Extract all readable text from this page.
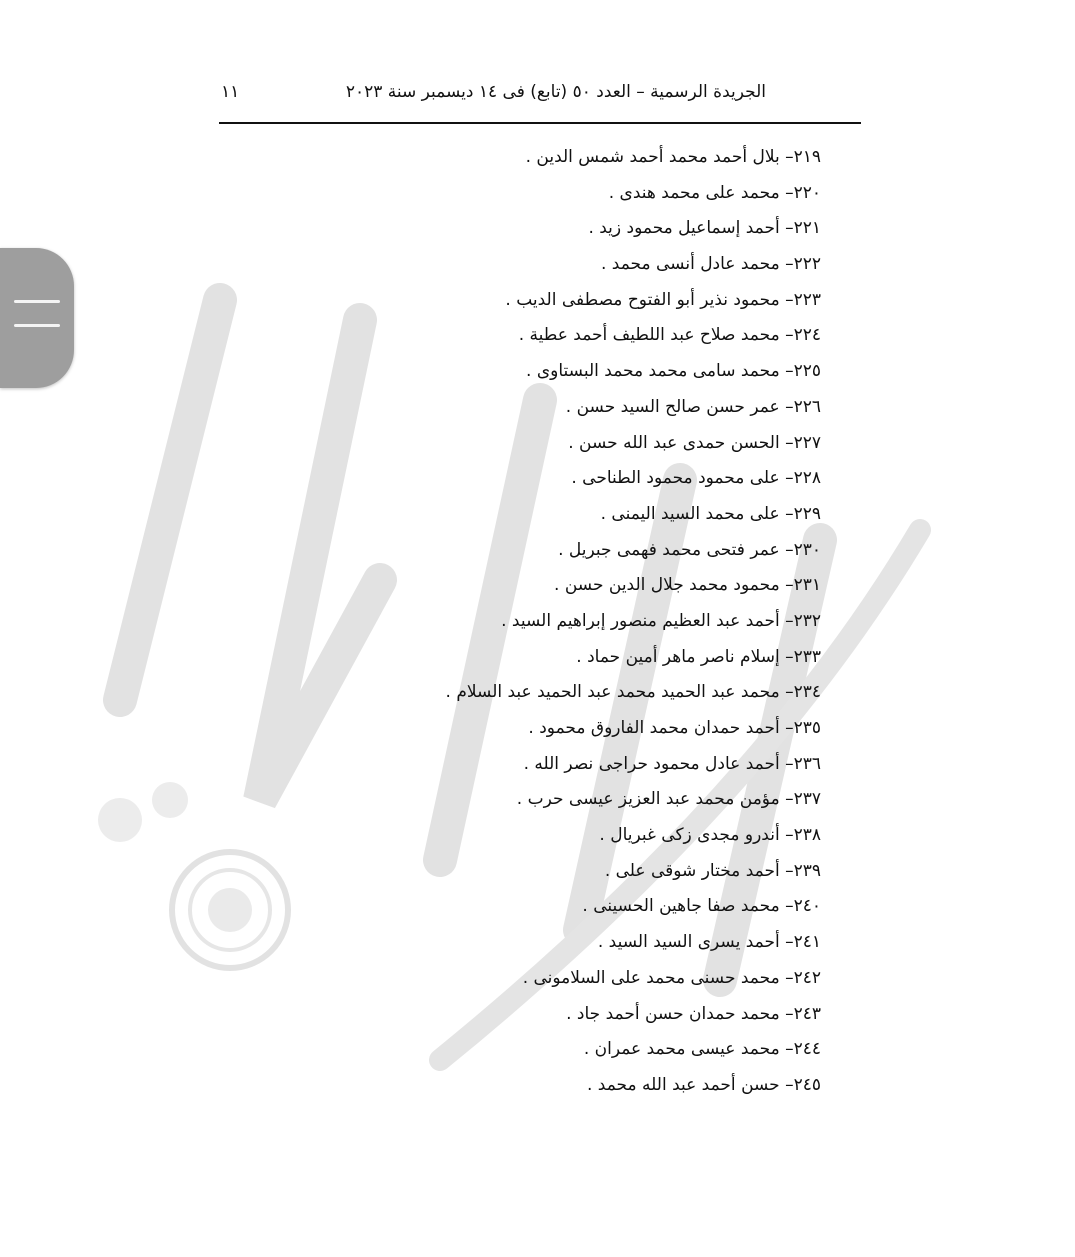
الجريدة الرسمية – العدد ٥٠ (تابع) فى ١٤ ديسمبر سنة ٢٠٢٣
١١
٢١٩– بلال أحمد محمد أحمد شمس الدين .
٢٢٠– محمد على محمد هندى .
٢٢١– أحمد إسماعيل محمود زيد .
٢٢٢– محمد عادل أنسى محمد .
٢٢٣– محمود نذير أبو الفتوح مصطفى الديب .
٢٢٤– محمد صلاح عبد اللطيف أحمد عطية .
٢٢٥– محمد سامى محمد محمد البستاوى .
٢٢٦– عمر حسن صالح السيد حسن .
٢٢٧– الحسن حمدى عبد الله حسن .
٢٢٨– على محمود محمود الطناحى .
٢٢٩– على محمد السيد اليمنى .
٢٣٠– عمر فتحى محمد فهمى جبريل .
٢٣١– محمود محمد جلال الدين حسن .
٢٣٢– أحمد عبد العظيم منصور إبراهيم السيد .
٢٣٣– إسلام ناصر ماهر أمين حماد .
٢٣٤– محمد عبد الحميد محمد عبد الحميد عبد السلام .
٢٣٥– أحمد حمدان محمد الفاروق محمود .
٢٣٦– أحمد عادل محمود حراجى نصر الله .
٢٣٧– مؤمن محمد عبد العزيز عيسى حرب .
٢٣٨– أندرو مجدى زكى غبريال .
٢٣٩– أحمد مختار شوقى على .
٢٤٠– محمد صفا جاهين الحسينى .
٢٤١– أحمد يسرى السيد السيد .
٢٤٢– محمد حسنى محمد على السلامونى .
٢٤٣– محمد حمدان حسن أحمد جاد .
٢٤٤– محمد عيسى محمد عمران .
٢٤٥– حسن أحمد عبد الله محمد .
